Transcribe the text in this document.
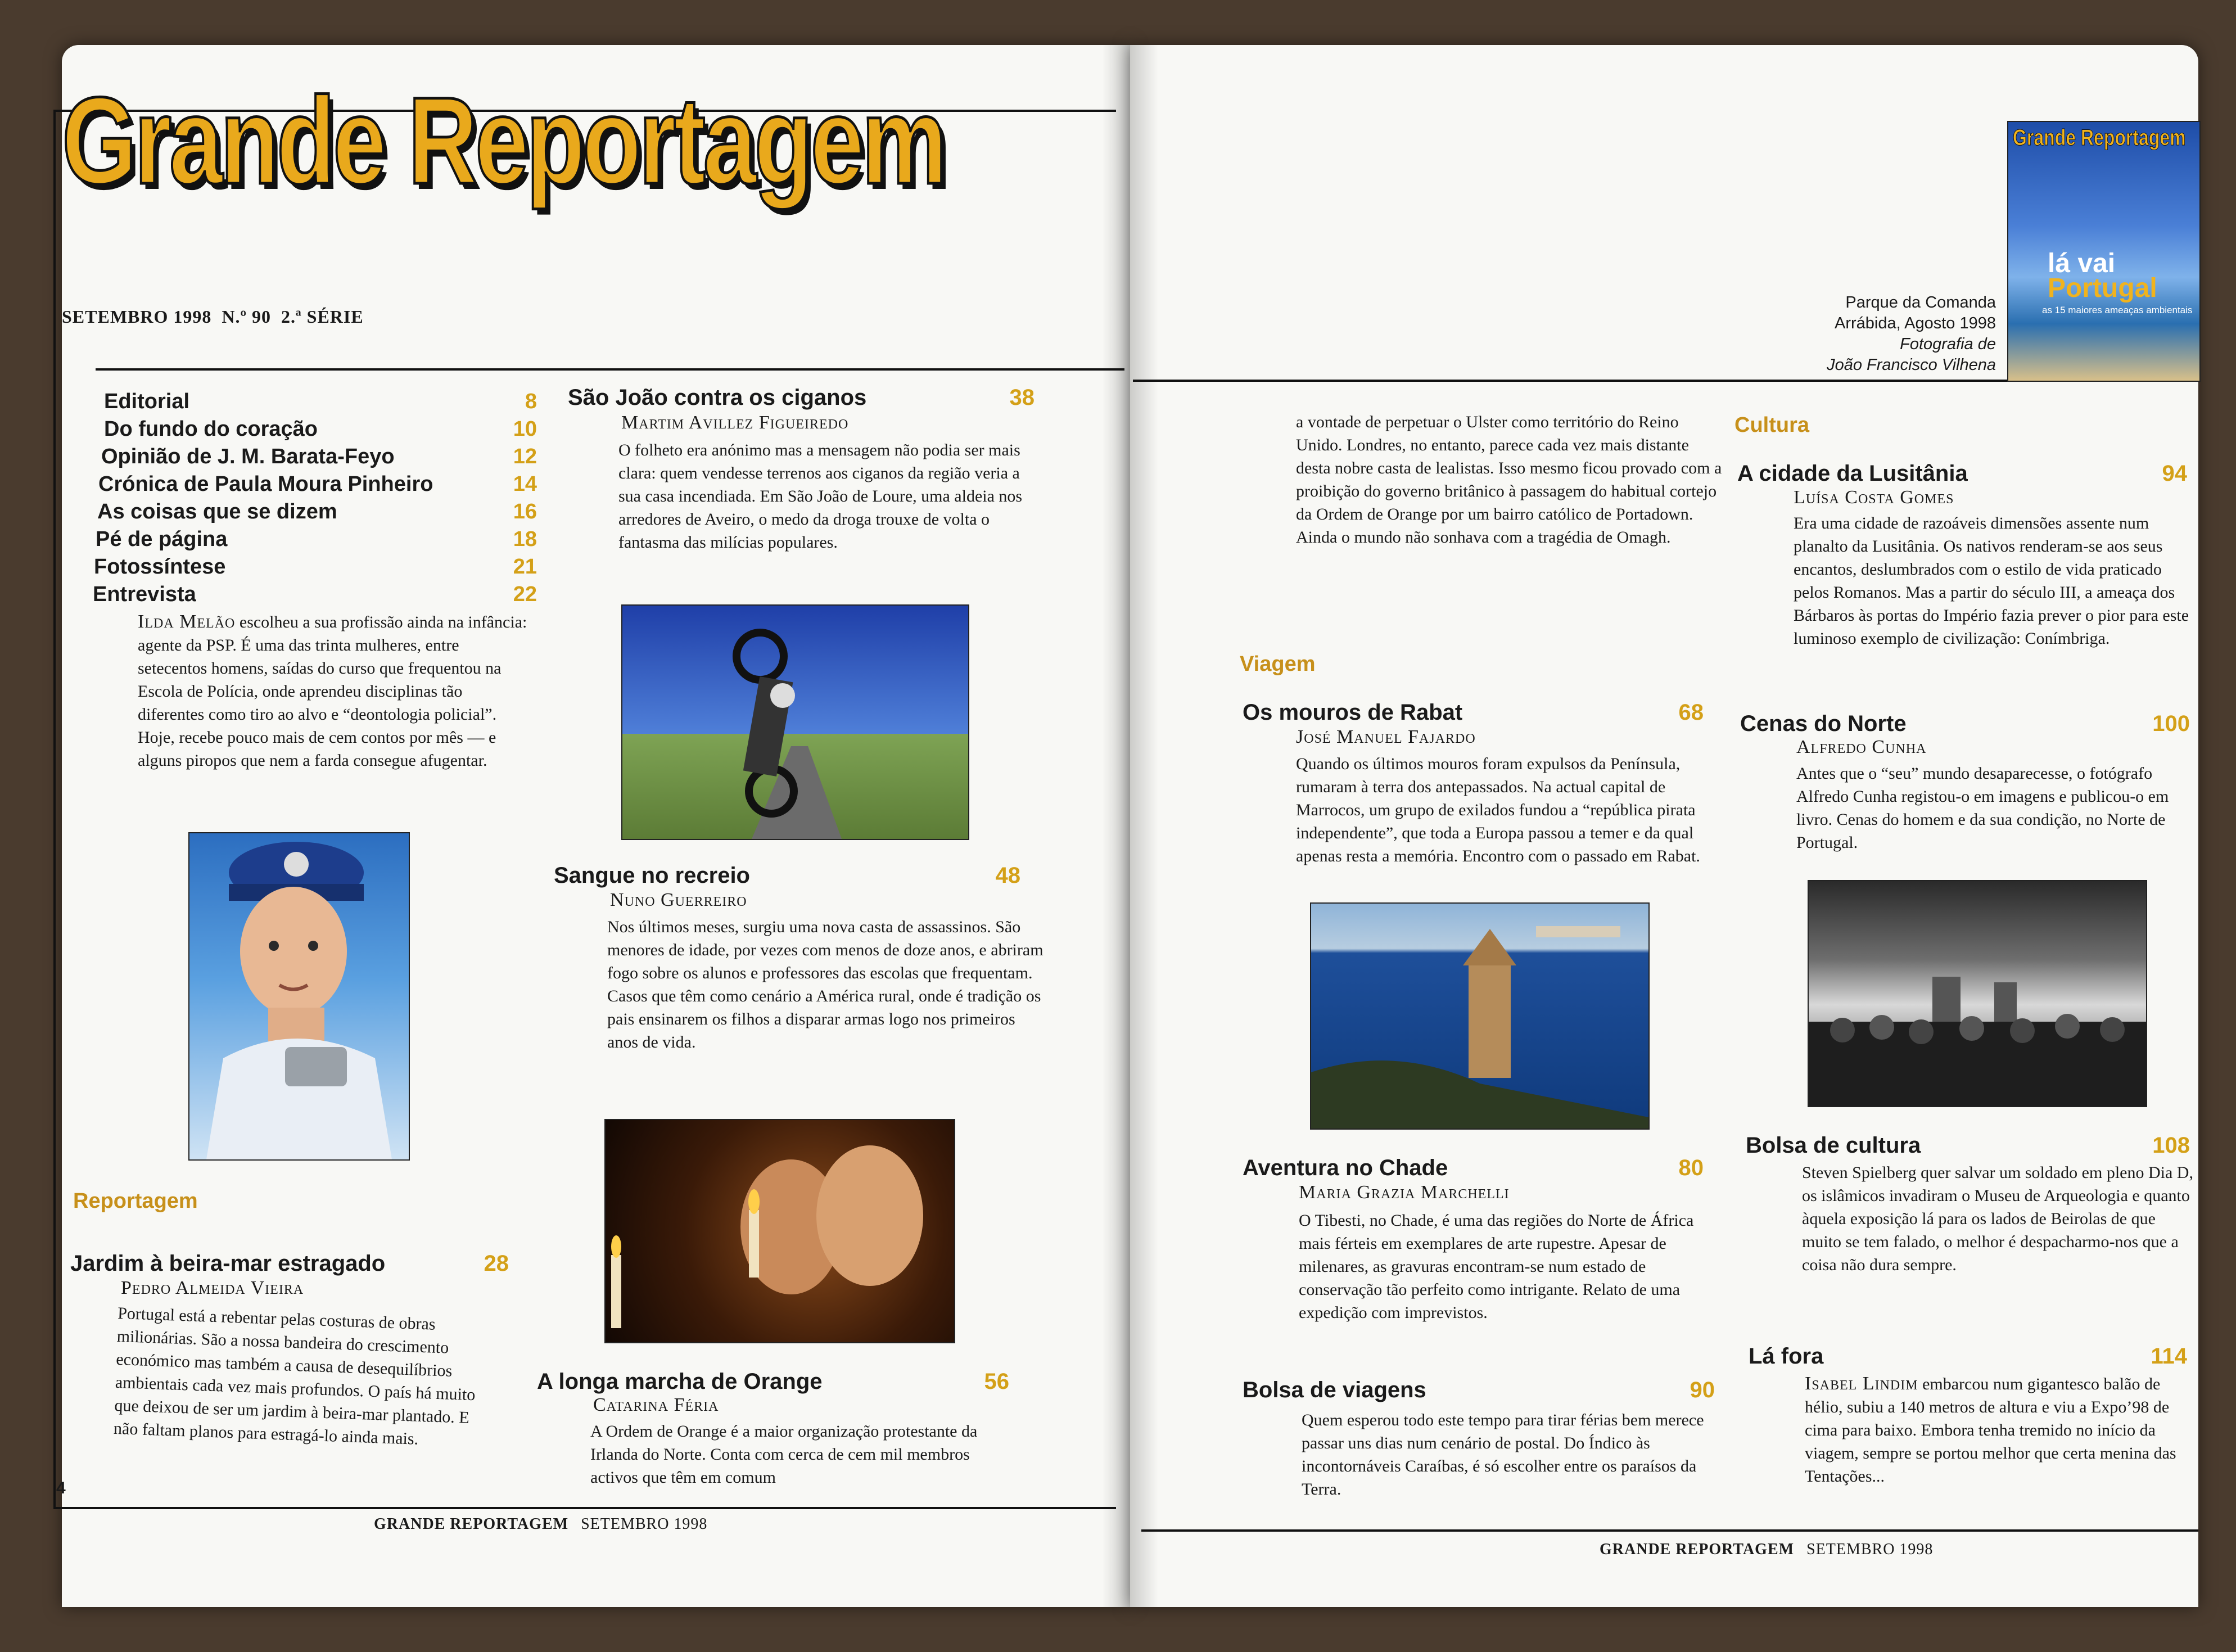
Grande Reportagem
SETEMBRO 1998 N.º 90 2.ª SÉRIE
Editorial	8
Do fundo do coração	10
Opinião de J. M. Barata-Feyo	12
Crónica de Paula Moura Pinheiro	14
As coisas que se dizem	16
Pé de página	18
Fotossíntese	21
Entrevista	22
Ilda Melão escolheu a sua profissão ainda na infância: agente da PSP. É uma das trinta mulheres, entre setecentos homens, saídas do curso que frequentou na Escola de Polícia, onde aprendeu disciplinas tão diferentes como tiro ao alvo e “deontologia policial”. Hoje, recebe pouco mais de cem contos por mês — e alguns piropos que nem a farda consegue afugentar.
Reportagem
Jardim à beira-mar estragado	28
Pedro Almeida Vieira
Portugal está a rebentar pelas costuras de obras milionárias. São a nossa bandeira do crescimento económico mas também a causa de desequilíbrios ambientais cada vez mais profundos. O país há muito que deixou de ser um jardim à beira-mar plantado. E não faltam planos para estragá-lo ainda mais.
4
São João contra os ciganos	38
Martim Avillez Figueiredo
O folheto era anónimo mas a mensagem não podia ser mais clara: quem vendesse terrenos aos ciganos da região veria a sua casa incendiada. Em São João de Loure, uma aldeia nos arredores de Aveiro, o medo da droga trouxe de volta o fantasma das milícias populares.
Sangue no recreio	48
Nuno Guerreiro
Nos últimos meses, surgiu uma nova casta de assassinos. São menores de idade, por vezes com menos de doze anos, e abriram fogo sobre os alunos e professores das escolas que frequentam. Casos que têm como cenário a América rural, onde é tradição os pais ensinarem os filhos a disparar armas logo nos primeiros anos de vida.
A longa marcha de Orange	56
Catarina Féria
A Ordem de Orange é a maior organização protestante da Irlanda do Norte. Conta com cerca de cem mil membros activos que têm em comum
GRANDE REPORTAGEM SETEMBRO 1998
Grande Reportagem
lá vai
Portugal
as 15 maiores ameaças ambientais
Parque da Comanda
Arrábida, Agosto 1998
Fotografia de
João Francisco Vilhena
a vontade de perpetuar o Ulster como território do Reino Unido. Londres, no entanto, parece cada vez mais distante desta nobre casta de lealistas. Isso mesmo ficou provado com a proibição do governo britânico à passagem do habitual cortejo da Ordem de Orange por um bairro católico de Portadown. Ainda o mundo não sonhava com a tragédia de Omagh.
Viagem
Os mouros de Rabat	68
José Manuel Fajardo
Quando os últimos mouros foram expulsos da Península, rumaram à terra dos antepassados. Na actual capital de Marrocos, um grupo de exilados fundou a “república pirata independente”, que toda a Europa passou a temer e da qual apenas resta a memória. Encontro com o passado em Rabat.
Aventura no Chade	80
Maria Grazia Marchelli
O Tibesti, no Chade, é uma das regiões do Norte de África mais férteis em exemplares de arte rupestre. Apesar de milenares, as gravuras encontram-se num estado de conservação tão perfeito como intrigante. Relato de uma expedição com imprevistos.
Bolsa de viagens	90
Quem esperou todo este tempo para tirar férias bem merece passar uns dias num cenário de postal. Do Índico às incontornáveis Caraíbas, é só escolher entre os paraísos da Terra.
Cultura
A cidade da Lusitânia	94
Luísa Costa Gomes
Era uma cidade de razoáveis dimensões assente num planalto da Lusitânia. Os nativos renderam-se aos seus encantos, deslumbrados com o estilo de vida praticado pelos Romanos. Mas a partir do século III, a ameaça dos Bárbaros às portas do Império fazia prever o pior para este luminoso exemplo de civilização: Conímbriga.
Cenas do Norte	100
Alfredo Cunha
Antes que o “seu” mundo desaparecesse, o fotógrafo Alfredo Cunha registou-o em imagens e publicou-o em livro. Cenas do homem e da sua condição, no Norte de Portugal.
Bolsa de cultura	108
Steven Spielberg quer salvar um soldado em pleno Dia D, os islâmicos invadiram o Museu de Arqueologia e quanto àquela exposição lá para os lados de Beirolas de que muito se tem falado, o melhor é despacharmo-nos que a coisa não dura sempre.
Lá fora	114
Isabel Lindim embarcou num gigantesco balão de hélio, subiu a 140 metros de altura e viu a Expo’98 de cima para baixo. Embora tenha tremido no início da viagem, sempre se portou melhor que certa menina das Tentações...
GRANDE REPORTAGEM SETEMBRO 1998
